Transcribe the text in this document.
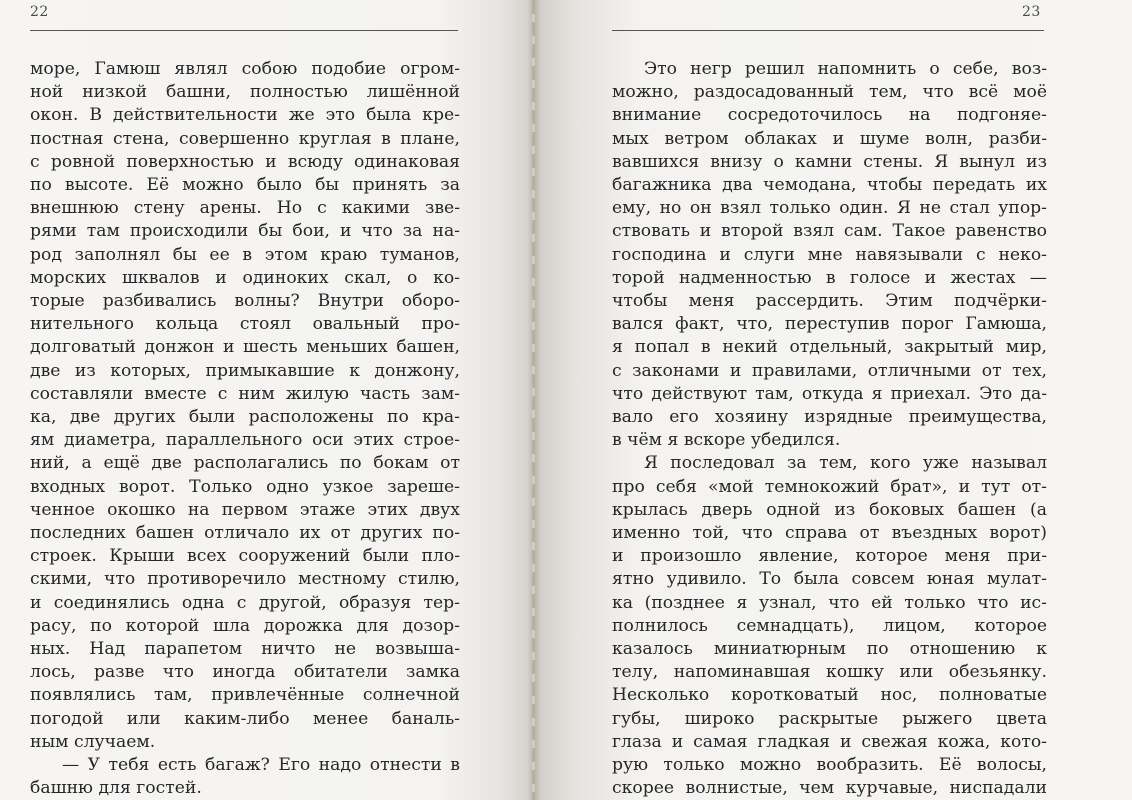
22
море, Гамюш являл собою подобие огром-
ной низкой башни, полностью лишённой
окон. В действительности же это была кре-
постная стена, совершенно круглая в плане,
с ровной поверхностью и всюду одинаковая
по высоте. Её можно было бы принять за
внешнюю стену арены. Но с какими зве-
рями там происходили бы бои, и что за на-
род заполнял бы ее в этом краю туманов,
морских шквалов и одиноких скал, о ко-
торые разбивались волны? Внутри оборо-
нительного кольца стоял овальный про-
долговатый донжон и шесть меньших башен,
две из которых, примыкавшие к донжону,
составляли вместе с ним жилую часть зам-
ка, две других были расположены по кра-
ям диаметра, параллельного оси этих строе-
ний, а ещё две располагались по бокам от
входных ворот. Только одно узкое зареше-
ченное окошко на первом этаже этих двух
последних башен отличало их от других по-
строек. Крыши всех сооружений были пло-
скими, что противоречило местному стилю,
и соединялись одна с другой, образуя тер-
расу, по которой шла дорожка для дозор-
ных. Над парапетом ничто не возвыша-
лось, разве что иногда обитатели замка
появлялись там, привлечённые солнечной
погодой или каким-либо менее баналь-
ным случаем.
— У тебя есть багаж? Его надо отнести в
башню для гостей.
23
Это негр решил напомнить о себе, воз-
можно, раздосадованный тем, что всё моё
внимание сосредоточилось на подгоняе-
мых ветром облаках и шуме волн, разби-
вавшихся внизу о камни стены. Я вынул из
багажника два чемодана, чтобы передать их
ему, но он взял только один. Я не стал упор-
ствовать и второй взял сам. Такое равенство
господина и слуги мне навязывали с неко-
торой надменностью в голосе и жестах —
чтобы меня рассердить. Этим подчёрки-
вался факт, что, переступив порог Гамюша,
я попал в некий отдельный, закрытый мир,
с законами и правилами, отличными от тех,
что действуют там, откуда я приехал. Это да-
вало его хозяину изрядные преимущества,
в чём я вскоре убедился.
Я последовал за тем, кого уже называл
про себя «мой темнокожий брат», и тут от-
крылась дверь одной из боковых башен (а
именно той, что справа от въездных ворот)
и произошло явление, которое меня при-
ятно удивило. То была совсем юная мулат-
ка (позднее я узнал, что ей только что ис-
полнилось семнадцать), лицом, которое
казалось миниатюрным по отношению к
телу, напоминавшая кошку или обезьянку.
Несколько коротковатый нос, полноватые
губы, широко раскрытые рыжего цвета
глаза и самая гладкая и свежая кожа, кото-
рую только можно вообразить. Её волосы,
скорее волнистые, чем курчавые, ниспадали
